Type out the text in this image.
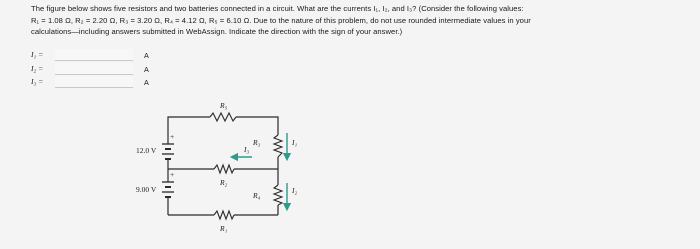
The figure below shows five resistors and two batteries connected in a circuit. What are the currents I₁, I₂, and I₃? (Consider the following values:
R₁ = 1.08 Ω, R₂ = 2.20 Ω, R₃ = 3.20 Ω, R₄ = 4.12 Ω, R₅ = 6.10 Ω. Due to the nature of this problem, do not use rounded intermediate values in your
calculations—including answers submitted in WebAssign. Indicate the direction with the sign of your answer.)
I₁ =	A
I₂ =	A
I₃ =	A
R₅
+
12.0 V
R₂
I₃
R₃	I₁
+
9.00 V
R₄
I₂
R₁
